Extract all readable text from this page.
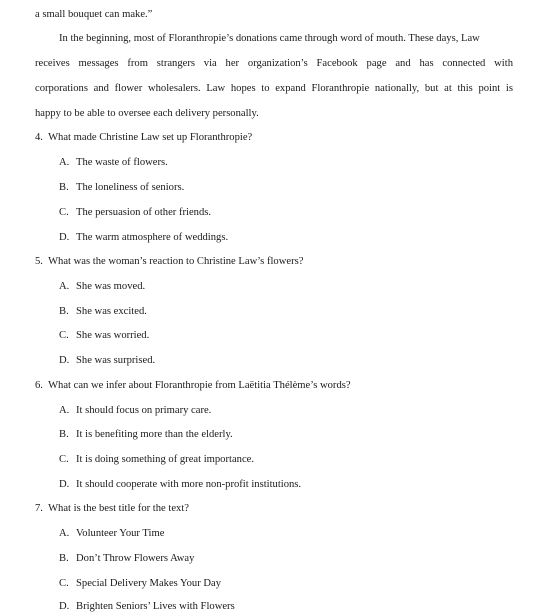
a small bouquet can make.”
In the beginning, most of Floranthropie’s donations came through word of mouth. These days, Law
receives messages from strangers via her organization’s Facebook page and has connected with
corporations and flower wholesalers. Law hopes to expand Floranthropie nationally, but at this point is
happy to be able to oversee each delivery personally.
4. What made Christine Law set up Floranthropie?
A. The waste of flowers.
B. The loneliness of seniors.
C. The persuasion of other friends.
D. The warm atmosphere of weddings.
5. What was the woman’s reaction to Christine Law’s flowers?
A. She was moved.
B. She was excited.
C. She was worried.
D. She was surprised.
6. What can we infer about Floranthropie from Laëtitia Thélème’s words?
A. It should focus on primary care.
B. It is benefiting more than the elderly.
C. It is doing something of great importance.
D. It should cooperate with more non-profit institutions.
7. What is the best title for the text?
A. Volunteer Your Time
B. Don’t Throw Flowers Away
C. Special Delivery Makes Your Day
D. Brighten Seniors’ Lives with Flowers
